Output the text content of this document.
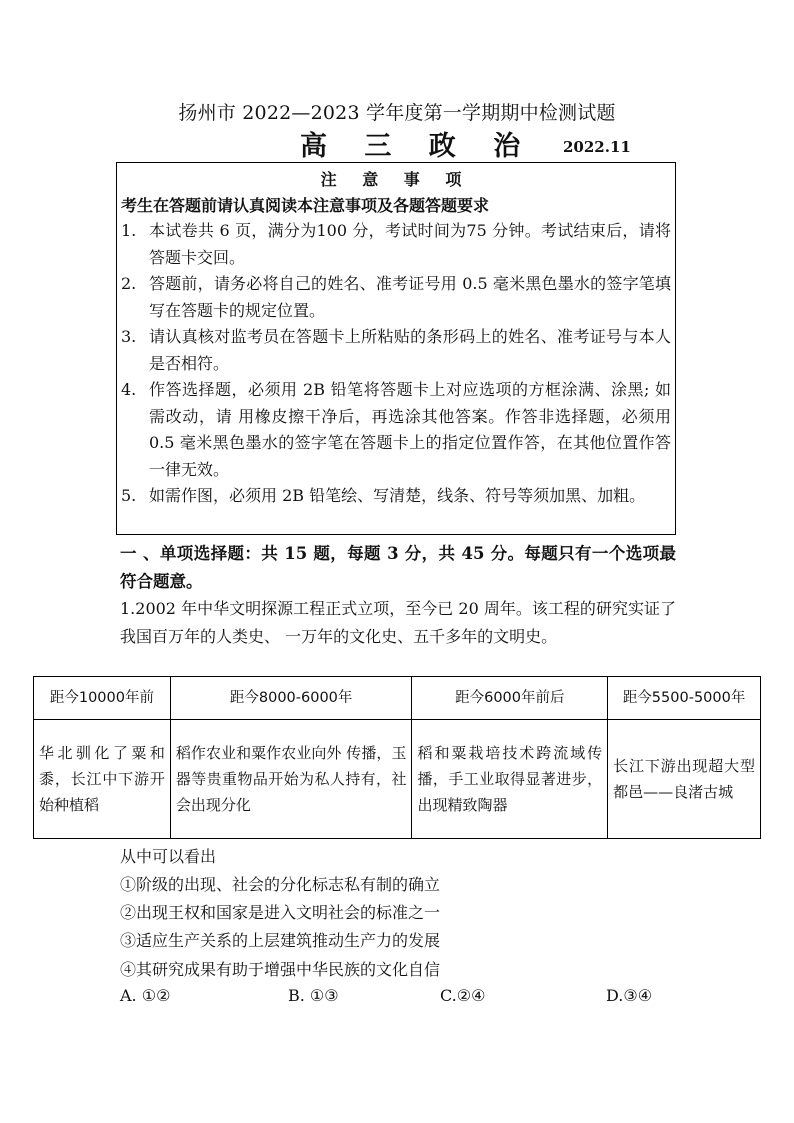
扬州市 2022—2023 学年度第一学期期中检测试题
高 三 政 治 2022.11
注 意 事 项
考生在答题前请认真阅读本注意事项及各题答题要求
1. 本试卷共 6 页，满分为100 分，考试时间为75 分钟。考试结束后，请将答题卡交回。
2. 答题前，请务必将自己的姓名、准考证号用 0.5 毫米黑色墨水的签字笔填写在答题卡的规定位置。
3. 请认真核对监考员在答题卡上所粘贴的条形码上的姓名、准考证号与本人是否相符。
4. 作答选择题，必须用 2B 铅笔将答题卡上对应选项的方框涂满、涂黑; 如需改动，请 用橡皮擦干净后，再选涂其他答案。作答非选择题，必须用 0.5 毫米黑色墨水的签字笔在答题卡上的指定位置作答，在其他位置作答一律无效。
5. 如需作图，必须用 2B 铅笔绘、写清楚，线条、符号等须加黑、加粗。
一 、单项选择题：共 15 题，每题 3 分，共 45 分。每题只有一个选项最符合题意。
1.2002 年中华文明探源工程正式立项，至今已 20 周年。该工程的研究实证了我国百万年的人类史、 一万年的文化史、五千多年的文明史。
距今10000年前	距今8000-6000年	距今6000年前后	距今5500-5000年
华北驯化了粟和黍，长江中下游开始种植稻	稻作农业和粟作农业向外 传播，玉器等贵重物品开始为私人持有，社会出现分化	稻和粟栽培技术跨流域传播，手工业取得显著进步，出现精致陶器	长江下游出现超大型都邑——良渚古城
从中可以看出
①阶级的出现、社会的分化标志私有制的确立
②出现王权和国家是进入文明社会的标准之一
③适应生产关系的上层建筑推动生产力的发展
④其研究成果有助于增强中华民族的文化自信
A. ①②	B. ①③	C.②④	D.③④
